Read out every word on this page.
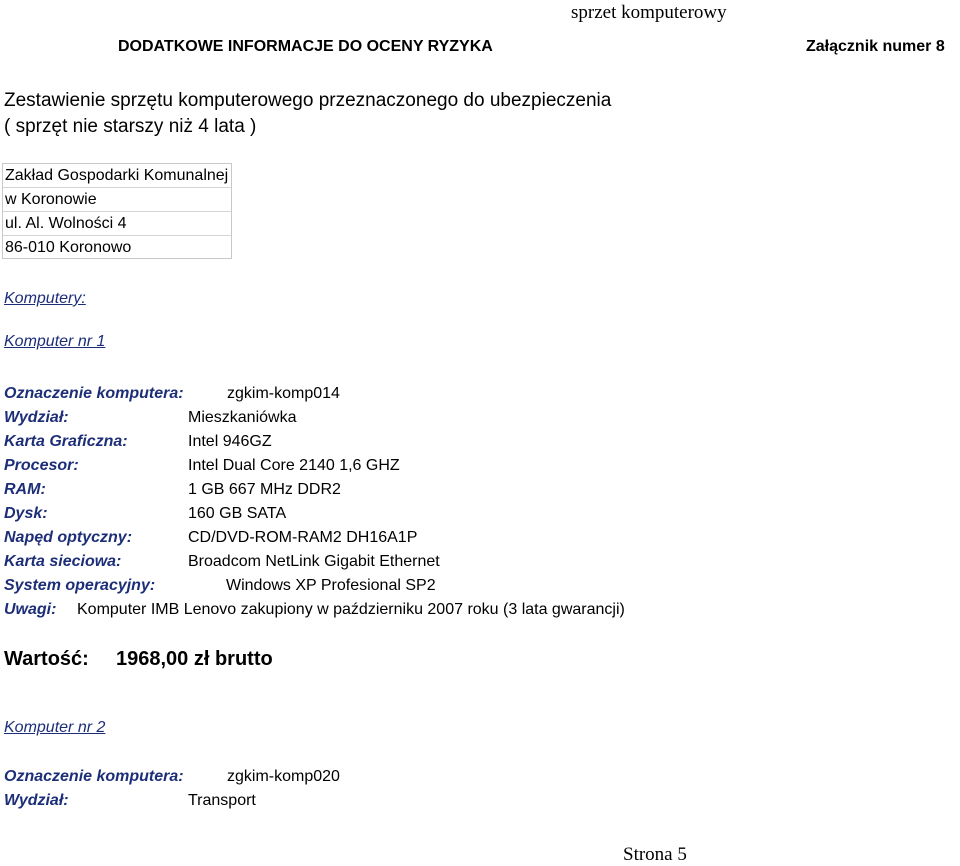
sprzet komputerowy
DODATKOWE INFORMACJE DO OCENY RYZYKA	Załącznik numer 8
Zestawienie sprzętu komputerowego przeznaczonego do ubezpieczenia
( sprzęt nie starszy niż 4 lata )
Zakład Gospodarki Komunalnej
w Koronowie
ul. Al. Wolności 4
86-010 Koronowo
Komputery:
Komputer nr 1
Oznaczenie komputera:	zgkim-komp014
Wydział:	Mieszkaniówka
Karta Graficzna:	Intel 946GZ
Procesor:	Intel Dual Core 2140 1,6 GHZ
RAM:	1 GB 667 MHz DDR2
Dysk:	160 GB SATA
Napęd optyczny:	CD/DVD-ROM-RAM2 DH16A1P
Karta sieciowa:	Broadcom NetLink Gigabit Ethernet
System operacyjny:	Windows XP Profesional SP2
Uwagi: Komputer IMB Lenovo zakupiony w październiku 2007 roku (3 lata gwarancji)
Wartość: 1968,00 zł brutto
Komputer nr 2
Oznaczenie komputera:	zgkim-komp020
Wydział:	Transport
Strona 5
